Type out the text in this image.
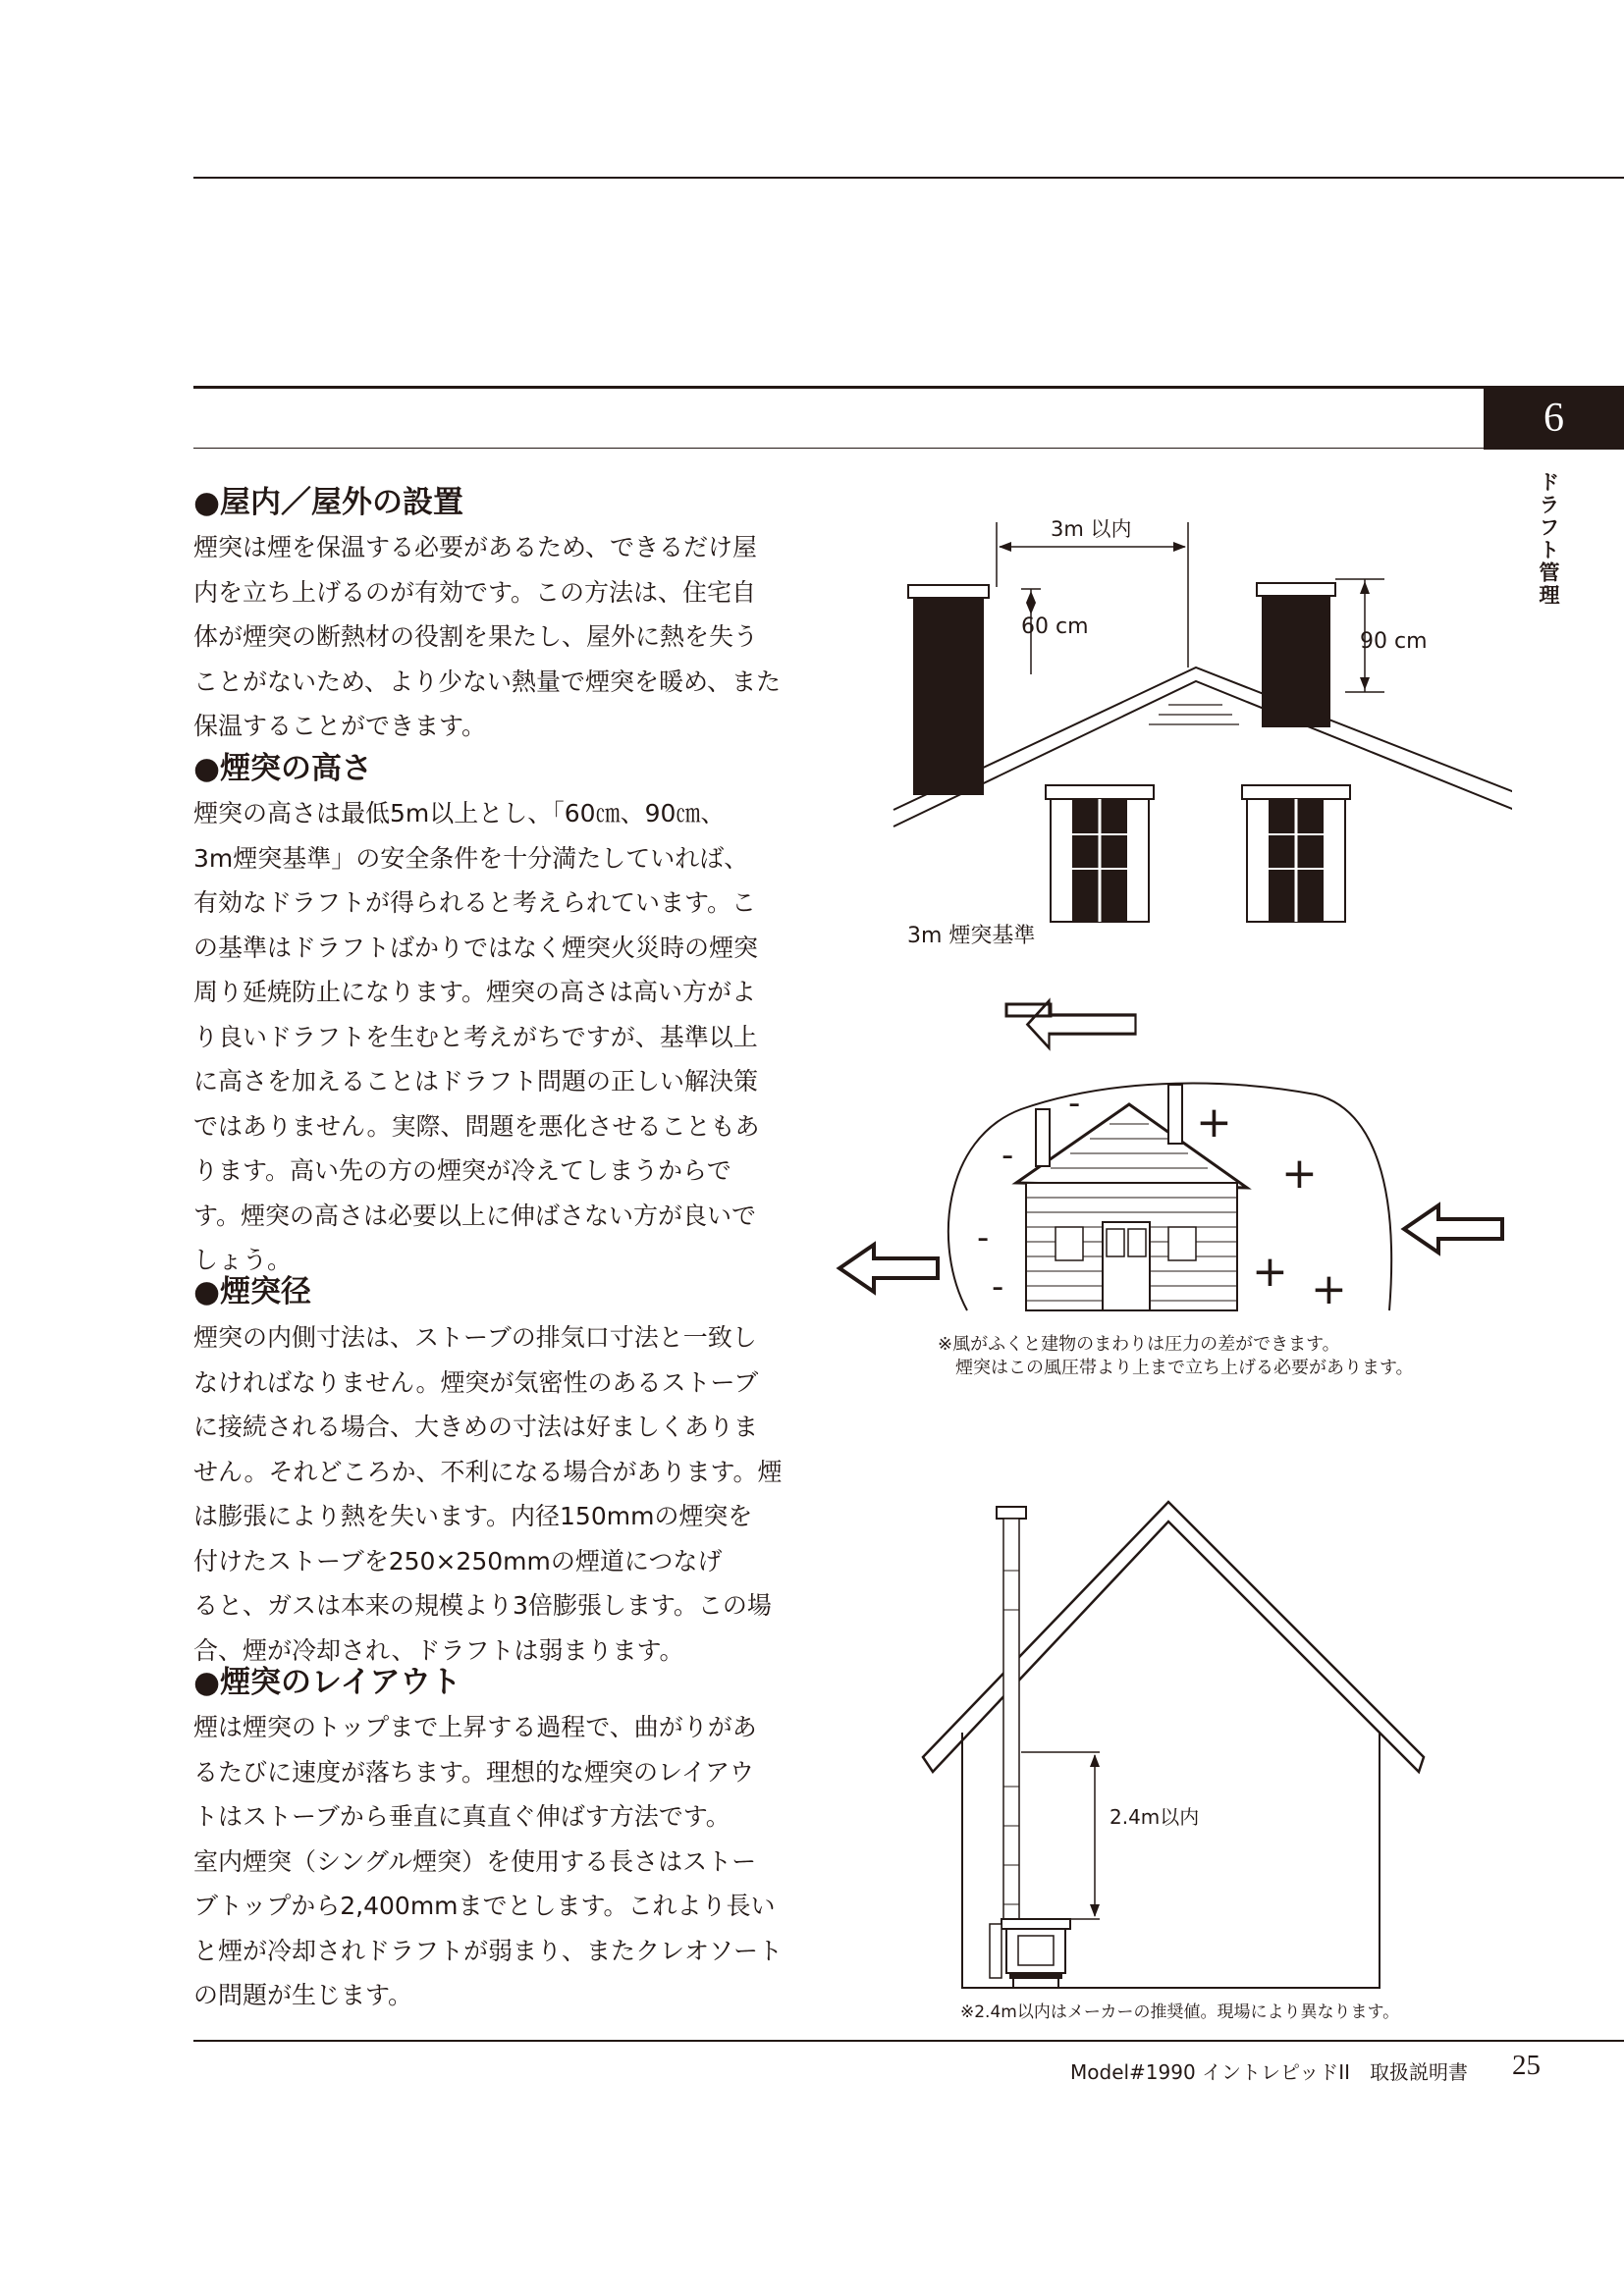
6
ドラフト管理
●屋内／屋外の設置
煙突は煙を保温する必要があるため、できるだけ屋
内を立ち上げるのが有効です。この方法は、住宅自
体が煙突の断熱材の役割を果たし、屋外に熱を失う
ことがないため、より少ない熱量で煙突を暖め、また
保温することができます。
●煙突の高さ
煙突の高さは最低5m以上とし、「60㎝、90㎝、
3m煙突基準」の安全条件を十分満たしていれば、
有効なドラフトが得られると考えられています。こ
の基準はドラフトばかりではなく煙突火災時の煙突
周り延焼防止になります。煙突の高さは高い方がよ
り良いドラフトを生むと考えがちですが、基準以上
に高さを加えることはドラフト問題の正しい解決策
ではありません。実際、問題を悪化させることもあ
ります。高い先の方の煙突が冷えてしまうからで
す。煙突の高さは必要以上に伸ばさない方が良いで
しょう。
●煙突径
煙突の内側寸法は、ストーブの排気口寸法と一致し
なければなりません。煙突が気密性のあるストーブ
に接続される場合、大きめの寸法は好ましくありま
せん。それどころか、不利になる場合があります。煙
は膨張により熱を失います。内径150mmの煙突を
付けたストーブを250×250mmの煙道につなげ
ると、ガスは本来の規模より3倍膨張します。この場
合、煙が冷却され、ドラフトは弱まります。
●煙突のレイアウト
煙は煙突のトップまで上昇する過程で、曲がりがあ
るたびに速度が落ちます。理想的な煙突のレイアウ
トはストーブから垂直に真直ぐ伸ばす方法です。
室内煙突（シングル煙突）を使用する長さはストー
ブトップから2,400mmまでとします。これより長い
と煙が冷却されドラフトが弱まり、またクレオソート
の問題が生じます。
3m 以内
60 cm
90 cm
3m 煙突基準
-
-
-
-
+
+
+ +
※風がふくと建物のまわりは圧力の差ができます。
煙突はこの風圧帯より上まで立ち上げる必要があります。
2.4m以内
※2.4m以内はメーカーの推奨値。現場により異なります。
Model#1990 イントレピッドII　取扱説明書 25
